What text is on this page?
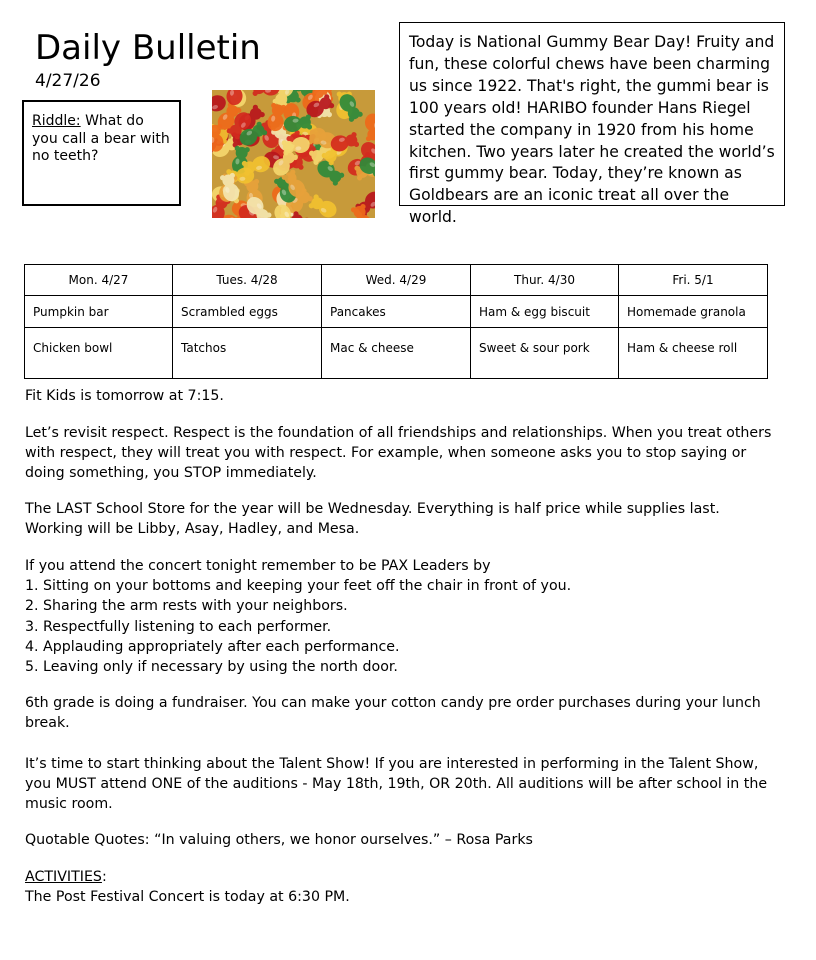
Daily Bulletin
4/27/26
Riddle: What do you call a bear with no teeth?
Today is National Gummy Bear Day! Fruity and fun, these colorful chews have been charming us since 1922. That's right, the gummi bear is 100 years old! HARIBO founder Hans Riegel started the company in 1920 from his home kitchen. Two years later he created the world’s first gummy bear. Today, they’re known as Goldbears are an iconic treat all over the world.
Mon. 4/27	Tues. 4/28	Wed. 4/29	Thur. 4/30	Fri. 5/1
Pumpkin bar	Scrambled eggs	Pancakes	Ham & egg biscuit	Homemade granola
Chicken bowl	Tatchos	Mac & cheese	Sweet & sour pork	Ham & cheese roll

Fit Kids is tomorrow at 7:15.

Let’s revisit respect. Respect is the foundation of all friendships and relationships. When you treat others with respect, they will treat you with respect. For example, when someone asks you to stop saying or doing something, you STOP immediately.

The LAST School Store for the year will be Wednesday. Everything is half price while supplies last. Working will be Libby, Asay, Hadley, and Mesa.

If you attend the concert tonight remember to be PAX Leaders by
1. Sitting on your bottoms and keeping your feet off the chair in front of you.
2. Sharing the arm rests with your neighbors.
3. Respectfully listening to each performer.
4. Applauding appropriately after each performance.
5. Leaving only if necessary by using the north door.

6th grade is doing a fundraiser. You can make your cotton candy pre order purchases during your lunch break.

It’s time to start thinking about the Talent Show! If you are interested in performing in the Talent Show, you MUST attend ONE of the auditions - May 18th, 19th, OR 20th. All auditions will be after school in the music room.

Quotable Quotes: “In valuing others, we honor ourselves.” – Rosa Parks

ACTIVITIES:
The Post Festival Concert is today at 6:30 PM.
